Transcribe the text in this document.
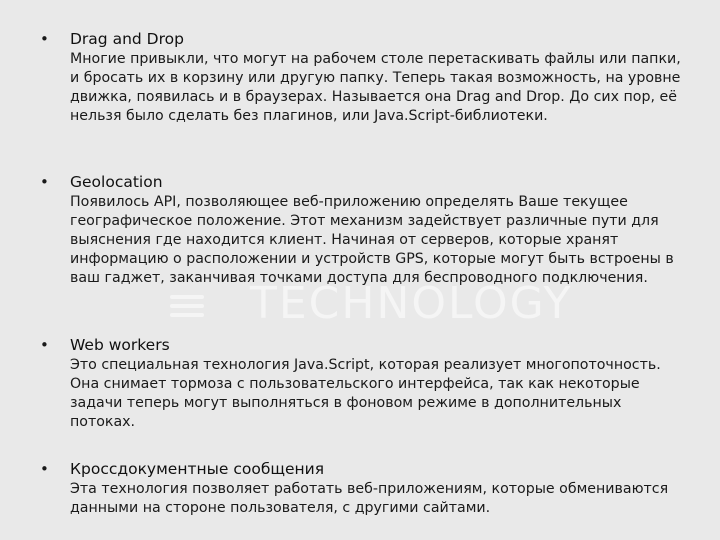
TECHNOLOGY
• Drag and Drop
Многие привыкли, что могут на рабочем столе перетаскивать файлы или папки, и бросать их в корзину или другую папку. Теперь такая возможность, на уровне движка, появилась и в браузерах. Называется она Drag and Drop. До сих пор, её нельзя было сделать без плагинов, или Java.Script-библиотеки.
• Geolocation
Появилось API, позволяющее веб-приложению определять Ваше текущее географическое положение. Этот механизм задействует различные пути для выяснения где находится клиент. Начиная от серверов, которые хранят информацию о расположении и устройств GPS, которые могут быть встроены в ваш гаджет, заканчивая точками доступа для беспроводного подключения.
• Web workers
Это специальная технология Java.Script, которая реализует многопоточность. Она снимает тормоза с пользовательского интерфейса, так как некоторые задачи теперь могут выполняться в фоновом режиме в дополнительных потоках.
• Кроссдокументные сообщения
Эта технология позволяет работать веб-приложениям, которые обмениваются данными на стороне пользователя, с другими сайтами.
